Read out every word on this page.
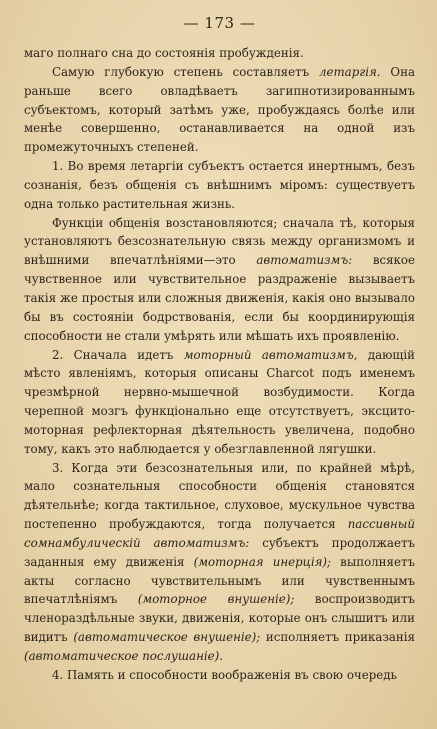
— 173 —

маго полнаго сна до состоянія пробужденія.

Самую глубокую степень составляетъ летаргія. Она раньше всего овладѣваетъ загипнотизированнымъ субъектомъ, который затѣмъ уже, пробуждаясь болѣе или менѣе совершенно, останавливается на одной изъ промежуточныхъ степеней.

1. Во время летаргіи субъектъ остается инертнымъ, безъ сознанія, безъ общенія съ внѣшнимъ міромъ: существуетъ одна только растительная жизнь.

Функціи общенія возстановляются; сначала тѣ, которыя установляютъ безсознательную связь между организмомъ и внѣшними впечатлѣніями—это автоматизмъ: всякое чувственное или чувствительное раздраженіе вызываетъ такія же простыя или сложныя движенія, какія оно вызывало бы въ состояніи бодрствованія, если бы координирующія способности не стали умѣрять или мѣшать ихъ проявленію.

2. Сначала идетъ моторный автоматизмъ, дающій мѣсто явленіямъ, которыя описаны Charcot подъ именемъ чрезмѣрной нервно-мышечной возбудимости. Когда черепной мозгъ функціонально еще отсутствуетъ, эксцито-моторная рефлекторная дѣятельность увеличена, подобно тому, какъ это наблюдается у обезглавленной лягушки.

3. Когда эти безсознательныя или, по крайней мѣрѣ, мало сознательныя способности общенія становятся дѣятельнѣе; когда тактильное, слуховое, мускульное чувства постепенно пробуждаются, тогда получается пассивный сомнамбулическій автоматизмъ: субъектъ продолжаетъ заданныя ему движенія (моторная инерція); выполняетъ акты согласно чувствительнымъ или чувственнымъ впечатлѣніямъ (моторное внушеніе); воспроизводитъ членораздѣльные звуки, движенія, которые онъ слышитъ или видитъ (автоматическое внушеніе); исполняетъ приказанія (автоматическое послушаніе).

4. Память и способности воображенія въ свою очередь
